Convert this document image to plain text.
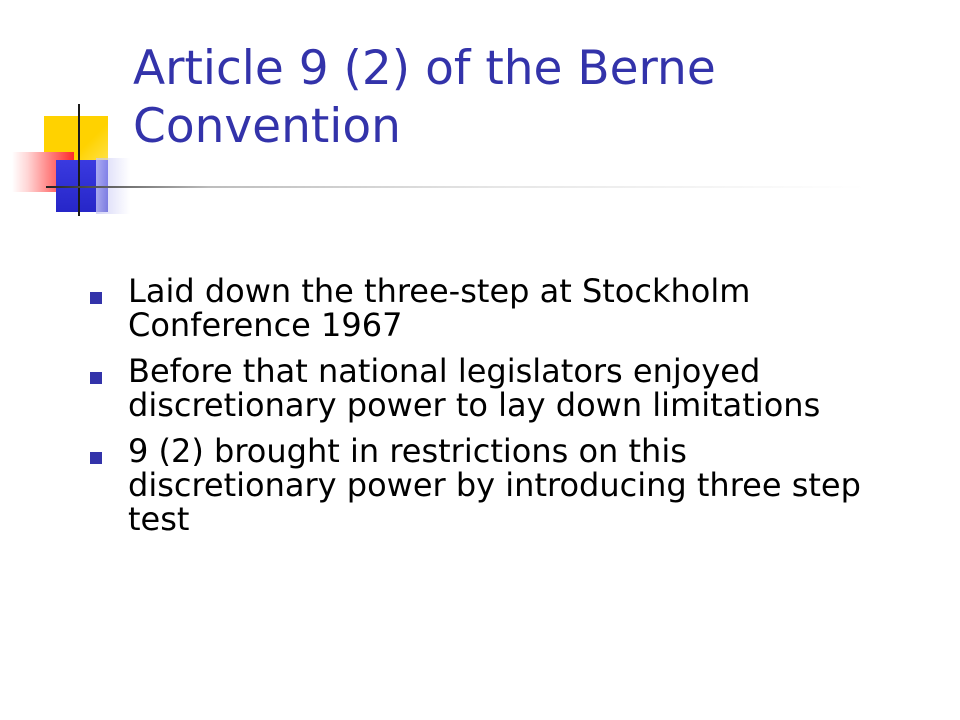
Article 9 (2) of the Berne Convention
Laid down the three-step at Stockholm Conference 1967
Before that national legislators enjoyed discretionary power to lay down limitations
9 (2) brought in restrictions on this discretionary power by introducing three step test
